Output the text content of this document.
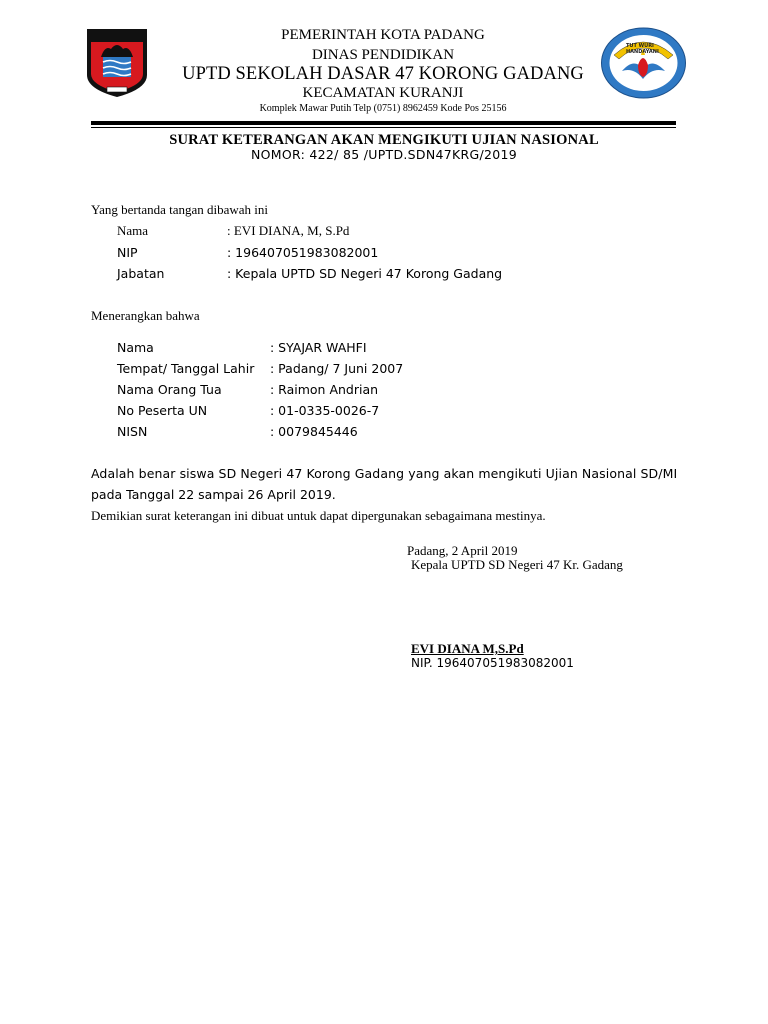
TUT WURI HANDAYANI
PEMERINTAH KOTA PADANG
DINAS PENDIDIKAN
UPTD SEKOLAH DASAR 47 KORONG GADANG
KECAMATAN KURANJI
Komplek Mawar Putih Telp (0751) 8962459 Kode Pos 25156
SURAT KETERANGAN AKAN MENGIKUTI UJIAN NASIONAL
NOMOR: 422/ 85 /UPTD.SDN47KRG/2019
Yang bertanda tangan dibawah ini
Nama	: EVI DIANA, M, S.Pd
NIP	: 196407051983082001
Jabatan	: Kepala UPTD SD Negeri 47 Korong Gadang
Menerangkan bahwa
Nama	: SYAJAR WAHFI
Tempat/ Tanggal Lahir : Padang/ 7 Juni 2007
Nama Orang Tua	: Raimon Andrian
No Peserta UN	: 01-0335-0026-7
NISN	: 0079845446
Adalah benar siswa SD Negeri 47 Korong Gadang yang akan mengikuti Ujian Nasional SD/MI
pada Tanggal 22 sampai 26 April 2019.
Demikian surat keterangan ini dibuat untuk dapat dipergunakan sebagaimana mestinya.
Padang, 2 April 2019
Kepala UPTD SD Negeri 47 Kr. Gadang
EVI DIANA M,S.Pd
NIP. 196407051983082001
